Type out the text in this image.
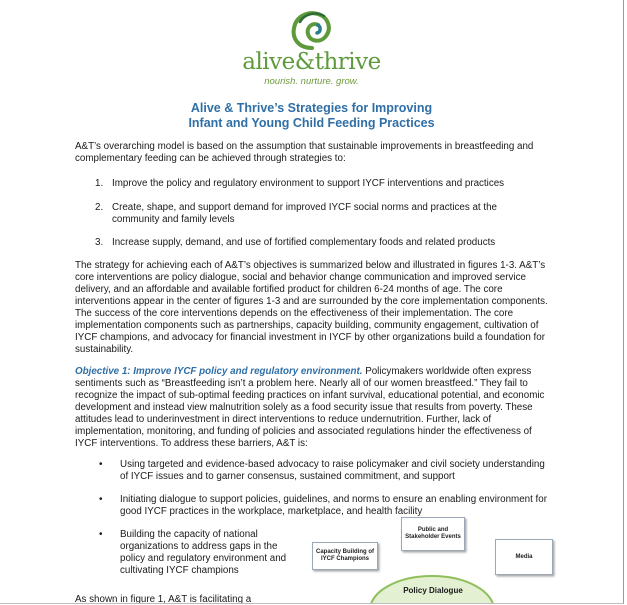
alive&thrive
nourish. nurture. grow.
Alive & Thrive’s Strategies for Improving
Infant and Young Child Feeding Practices

A&T’s overarching model is based on the assumption that sustainable improvements in breastfeeding and complementary feeding can be achieved through strategies to:

1. Improve the policy and regulatory environment to support IYCF interventions and practices
2. Create, shape, and support demand for improved IYCF social norms and practices at the community and family levels
3. Increase supply, demand, and use of fortified complementary foods and related products

The strategy for achieving each of A&T’s objectives is summarized below and illustrated in figures 1-3. A&T’s core interventions are policy dialogue, social and behavior change communication and improved service delivery, and an affordable and available fortified product for children 6-24 months of age. The core interventions appear in the center of figures 1-3 and are surrounded by the core implementation components. The success of the core interventions depends on the effectiveness of their implementation. The core implementation components such as partnerships, capacity building, community engagement, cultivation of IYCF champions, and advocacy for financial investment in IYCF by other organizations build a foundation for sustainability.

Objective 1: Improve IYCF policy and regulatory environment. Policymakers worldwide often express sentiments such as “Breastfeeding isn’t a problem here. Nearly all of our women breastfeed.” They fail to recognize the impact of sub-optimal feeding practices on infant survival, educational potential, and economic development and instead view malnutrition solely as a food security issue that results from poverty. These attitudes lead to underinvestment in direct interventions to reduce undernutrition. Further, lack of implementation, monitoring, and funding of policies and associated regulations hinder the effectiveness of IYCF interventions. To address these barriers, A&T is:

• Using targeted and evidence-based advocacy to raise policymaker and civil society understanding of IYCF issues and to garner consensus, sustained commitment, and support
• Initiating dialogue to support policies, guidelines, and norms to ensure an enabling environment for good IYCF practices in the workplace, marketplace, and health facility
• Building the capacity of national organizations to address gaps in the policy and regulatory environment and cultivating IYCF champions
Public and Stakeholder Events
Capacity Building of IYCF Champions	Media
Policy Dialogue
As shown in figure 1, A&T is facilitating a
